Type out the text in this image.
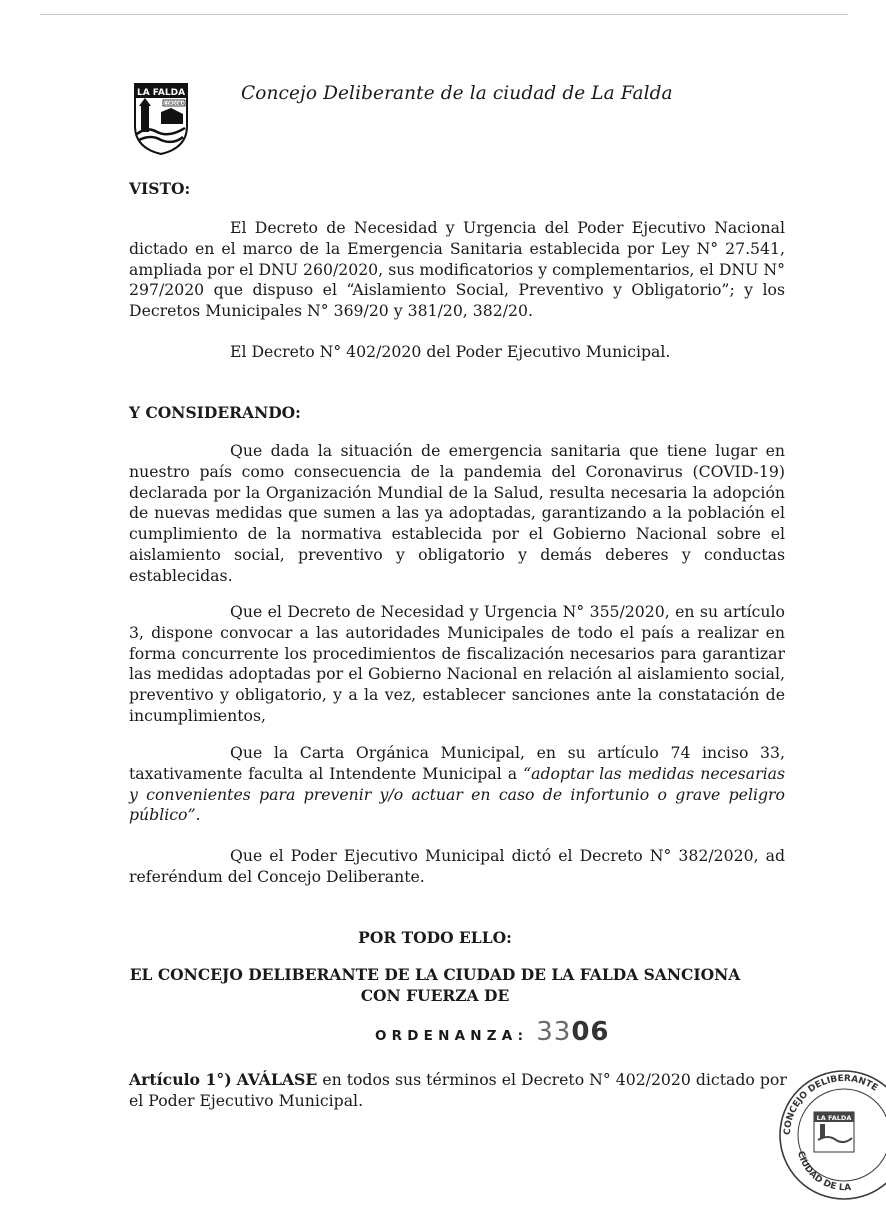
LA FALDA
CÓRDOBA	Concejo Deliberante de la ciudad de La Falda
VISTO:

El Decreto de Necesidad y Urgencia del Poder Ejecutivo Nacional dictado en el marco de la Emergencia Sanitaria establecida por Ley N° 27.541, ampliada por el DNU 260/2020, sus modificatorios y complementarios, el DNU N° 297/2020 que dispuso el “Aislamiento Social, Preventivo y Obligatorio”; y los Decretos Municipales N° 369/20 y 381/20, 382/20.

El Decreto N° 402/2020 del Poder Ejecutivo Municipal.

Y CONSIDERANDO:

Que dada la situación de emergencia sanitaria que tiene lugar en nuestro país como consecuencia de la pandemia del Coronavirus (COVID-19) declarada por la Organización Mundial de la Salud, resulta necesaria la adopción de nuevas medidas que sumen a las ya adoptadas, garantizando a la población el cumplimiento de la normativa establecida por el Gobierno Nacional sobre el aislamiento social, preventivo y obligatorio y demás deberes y conductas establecidas.

Que el Decreto de Necesidad y Urgencia N° 355/2020, en su artículo 3, dispone convocar a las autoridades Municipales de todo el país a realizar en forma concurrente los procedimientos de fiscalización necesarios para garantizar las medidas adoptadas por el Gobierno Nacional en relación al aislamiento social, preventivo y obligatorio, y a la vez, establecer sanciones ante la constatación de incumplimientos,

Que la Carta Orgánica Municipal, en su artículo 74 inciso 33, taxativamente faculta al Intendente Municipal a “adoptar las medidas necesarias y convenientes para prevenir y/o actuar en caso de infortunio o grave peligro público”.

Que el Poder Ejecutivo Municipal dictó el Decreto N° 382/2020, ad referéndum del Concejo Deliberante.

POR TODO ELLO:
EL CONCEJO DELIBERANTE DE LA CIUDAD DE LA FALDA SANCIONA
CON FUERZA DE
ORDENANZA: 3306

Artículo 1°) AVÁLASE en todos sus términos el Decreto N° 402/2020 dictado por el Poder Ejecutivo Municipal.

CONCEJO DELIBERANTE
CIUDAD DE LA
LA FALDA
